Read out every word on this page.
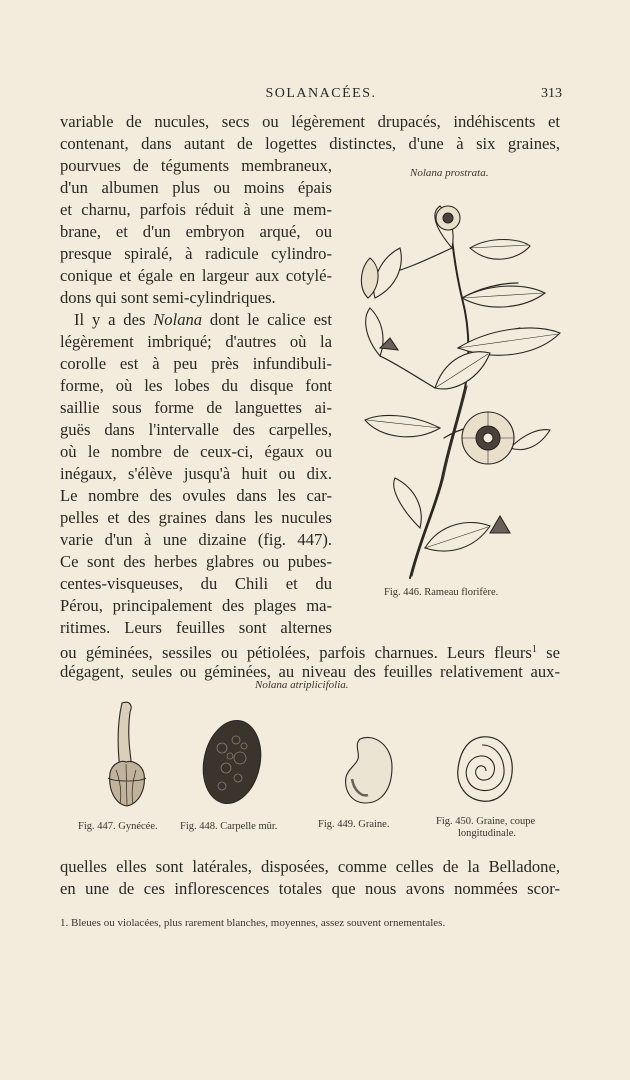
SOLANACÉES.	313
variable de nucules, secs ou légèrement drupacés, indéhiscents et
contenant, dans autant de logettes distinctes, d'une à six graines,
pourvues de téguments membraneux,
d'un albumen plus ou moins épais
et charnu, parfois réduit à une mem-
brane, et d'un embryon arqué, ou
presque spiralé, à radicule cylindro-
conique et égale en largeur aux cotylé-
dons qui sont semi-cylindriques.
Il y a des Nolana dont le calice est
légèrement imbriqué; d'autres où la
corolle est à peu près infundibuli-
forme, où les lobes du disque font
saillie sous forme de languettes ai-
guës dans l'intervalle des carpelles,
où le nombre de ceux-ci, égaux ou
inégaux, s'élève jusqu'à huit ou dix.
Le nombre des ovules dans les car-
pelles et des graines dans les nucules
varie d'un à une dizaine (fig. 447).
Ce sont des herbes glabres ou pubes-
centes-visqueuses, du Chili et du
Pérou, principalement des plages ma-
ritimes. Leurs feuilles sont alternes
ou géminées, sessiles ou pétiolées, parfois charnues. Leurs fleurs$^1$ se
dégagent, seules ou géminées, au niveau des feuilles relativement aux-
Nolana prostrata.
Fig. 446. Rameau florifère.
Nolana atriplicifolia.
Fig. 447. Gynécée. Fig. 448. Carpelle mûr.	Fig. 449. Graine.	Fig. 450. Graine, coupe
longitudinale.
quelles elles sont latérales, disposées, comme celles de la Belladone,
en une de ces inflorescences totales que nous avons nommées scor-
1. Bleues ou violacées, plus rarement blanches, moyennes, assez souvent ornementales.
